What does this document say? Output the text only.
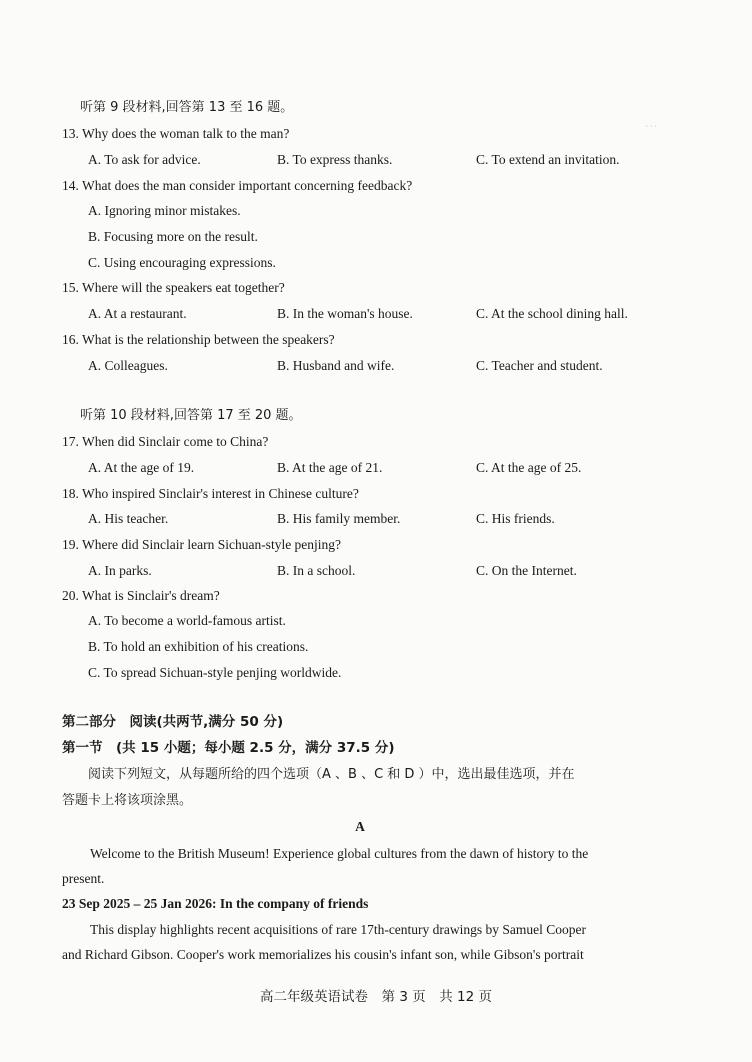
…
听第 9 段材料,回答第 13 至 16 题。
13. Why does the woman talk to the man?
A. To ask for advice.	B. To express thanks.	C. To extend an invitation.
14. What does the man consider important concerning feedback?
A. Ignoring minor mistakes.
B. Focusing more on the result.
C. Using encouraging expressions.
15. Where will the speakers eat together?
A. At a restaurant.	B. In the woman's house.	C. At the school dining hall.
16. What is the relationship between the speakers?
A. Colleagues.	B. Husband and wife.	C. Teacher and student.
听第 10 段材料,回答第 17 至 20 题。
17. When did Sinclair come to China?
A. At the age of 19.	B. At the age of 21.	C. At the age of 25.
18. Who inspired Sinclair's interest in Chinese culture?
A. His teacher.	B. His family member.	C. His friends.
19. Where did Sinclair learn Sichuan-style penjing?
A. In parks.	B. In a school.	C. On the Internet.
20. What is Sinclair's dream?
A. To become a world-famous artist.
B. To hold an exhibition of his creations.
C. To spread Sichuan-style penjing worldwide.
第二部分　阅读(共两节,满分 50 分)
第一节　(共 15 小题；每小题 2.5 分，满分 37.5 分)
阅读下列短文，从每题所给的四个选项（A 、B 、C 和 D ）中，选出最佳选项，并在
答题卡上将该项涂黑。
A
Welcome to the British Museum! Experience global cultures from the dawn of history to the
present.
23 Sep 2025 – 25 Jan 2026: In the company of friends
This display highlights recent acquisitions of rare 17th-century drawings by Samuel Cooper
and Richard Gibson. Cooper's work memorializes his cousin's infant son, while Gibson's portrait
高二年级英语试卷　第 3 页　共 12 页
